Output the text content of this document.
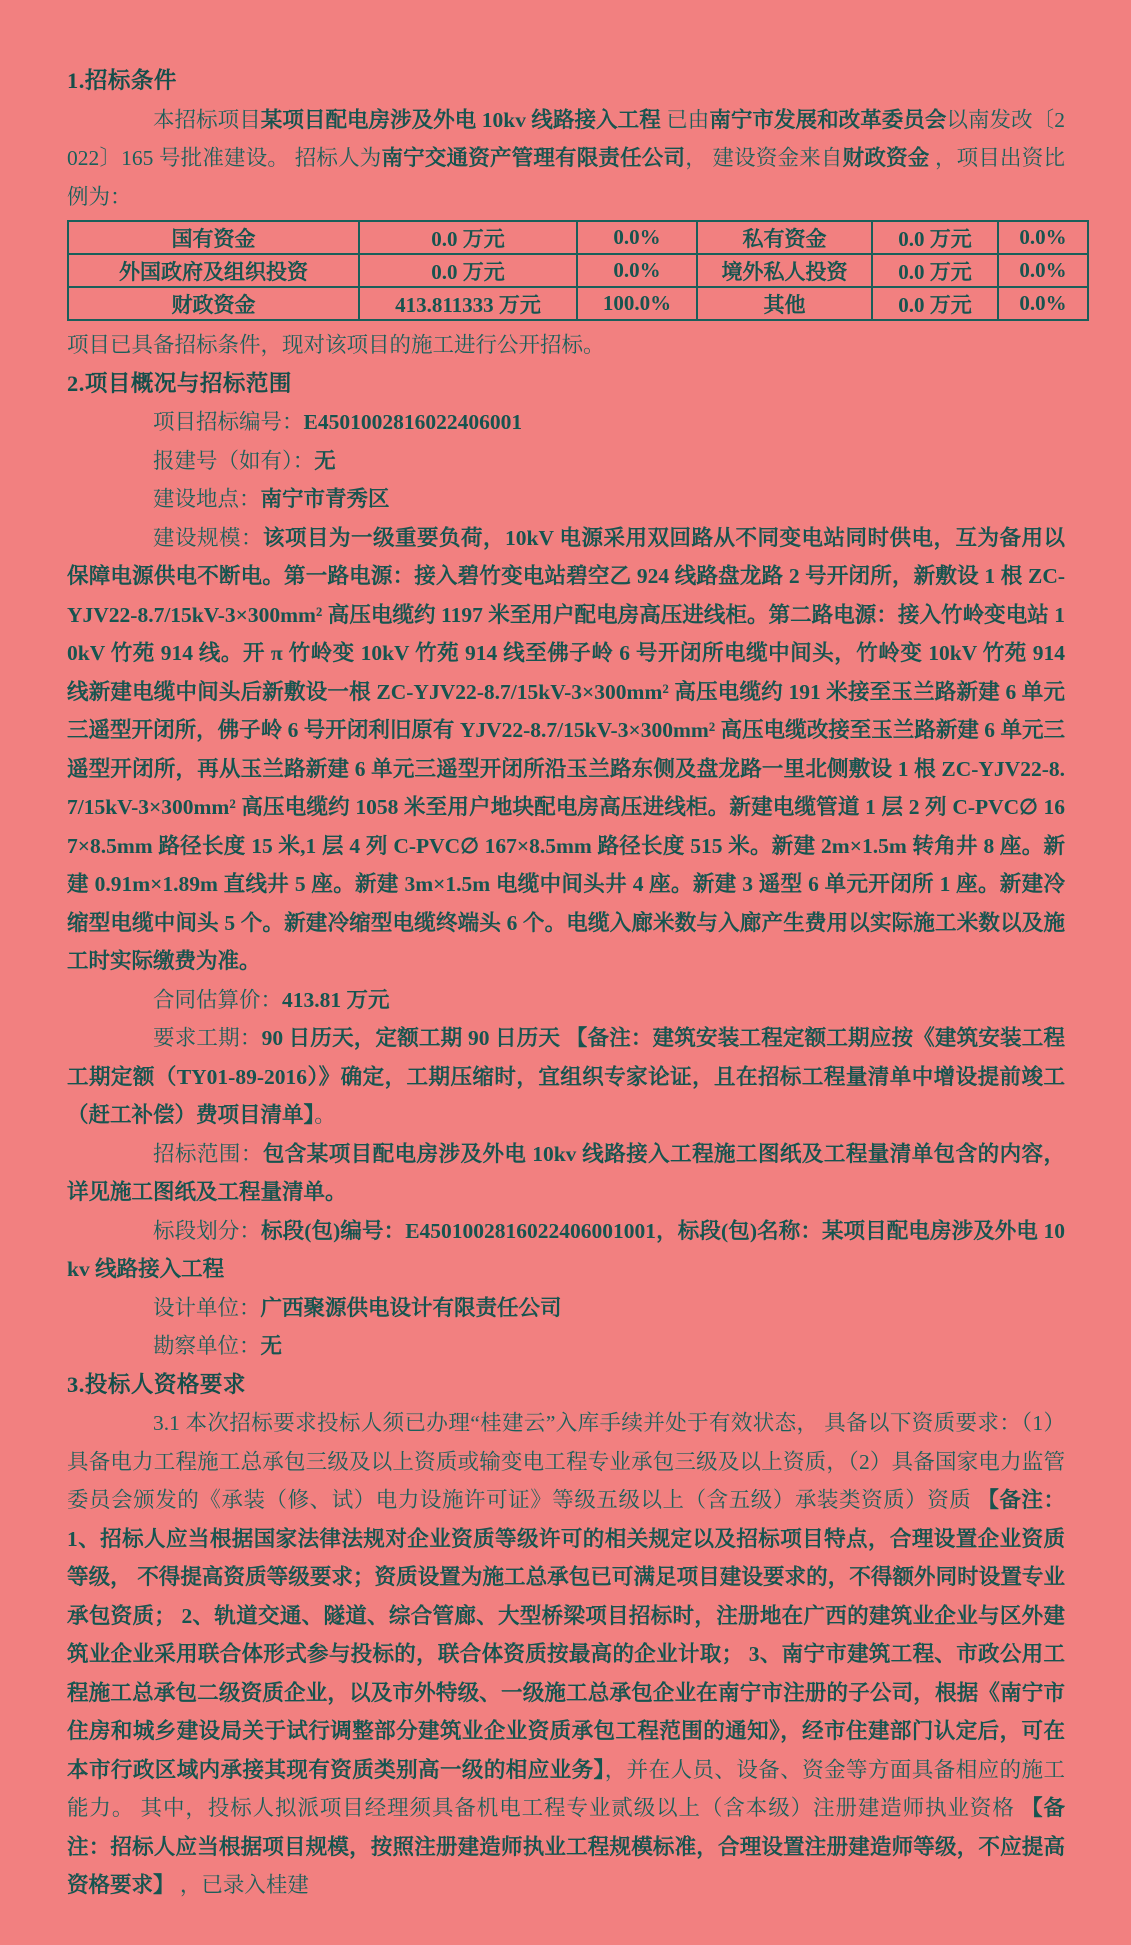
1.招标条件

本招标项目某项目配电房涉及外电 10kv 线路接入工程 已由南宁市发展和改革委员会以南发改〔2022〕165 号批准建设。 招标人为南宁交通资产管理有限责任公司， 建设资金来自财政资金 ，项目出资比例为：

国有资金	0.0 万元	0.0%	私有资金	0.0 万元	0.0%
外国政府及组织投资	0.0 万元	0.0%	境外私人投资	0.0 万元	0.0%
财政资金	413.811333 万元	100.0%	其他	0.0 万元	0.0%

项目已具备招标条件，现对该项目的施工进行公开招标。

2.项目概况与招标范围

项目招标编号：E4501002816022406001

报建号（如有）：无

建设地点：南宁市青秀区

建设规模：该项目为一级重要负荷，10kV 电源采用双回路从不同变电站同时供电，互为备用以保障电源供电不断电。第一路电源：接入碧竹变电站碧空乙 924 线路盘龙路 2 号开闭所，新敷设 1 根 ZC-YJV22-8.7/15kV-3×300mm² 高压电缆约 1197 米至用户配电房高压进线柜。第二路电源：接入竹岭变电站 10kV 竹苑 914 线。开 π 竹岭变 10kV 竹苑 914 线至佛子岭 6 号开闭所电缆中间头，竹岭变 10kV 竹苑 914 线新建电缆中间头后新敷设一根 ZC-YJV22-8.7/15kV-3×300mm² 高压电缆约 191 米接至玉兰路新建 6 单元三遥型开闭所，佛子岭 6 号开闭利旧原有 YJV22-8.7/15kV-3×300mm² 高压电缆改接至玉兰路新建 6 单元三遥型开闭所，再从玉兰路新建 6 单元三遥型开闭所沿玉兰路东侧及盘龙路一里北侧敷设 1 根 ZC-YJV22-8.7/15kV-3×300mm² 高压电缆约 1058 米至用户地块配电房高压进线柜。新建电缆管道 1 层 2 列 C-PVC∅ 167×8.5mm 路径长度 15 米,1 层 4 列 C-PVC∅ 167×8.5mm 路径长度 515 米。新建 2m×1.5m 转角井 8 座。新建 0.91m×1.89m 直线井 5 座。新建 3m×1.5m 电缆中间头井 4 座。新建 3 遥型 6 单元开闭所 1 座。新建冷缩型电缆中间头 5 个。新建冷缩型电缆终端头 6 个。电缆入廊米数与入廊产生费用以实际施工米数以及施工时实际缴费为准。

合同估算价：413.81 万元

要求工期：90 日历天，定额工期 90 日历天 【备注：建筑安装工程定额工期应按《建筑安装工程工期定额（TY01-89-2016）》确定，工期压缩时，宜组织专家论证，且在招标工程量清单中增设提前竣工（赶工补偿）费项目清单】。

招标范围：包含某项目配电房涉及外电 10kv 线路接入工程施工图纸及工程量清单包含的内容，详见施工图纸及工程量清单。

标段划分：标段(包)编号：E4501002816022406001001，标段(包)名称：某项目配电房涉及外电 10kv 线路接入工程

设计单位：广西聚源供电设计有限责任公司

勘察单位：无

3.投标人资格要求

3.1 本次招标要求投标人须已办理“桂建云”入库手续并处于有效状态， 具备以下资质要求：（1）具备电力工程施工总承包三级及以上资质或输变电工程专业承包三级及以上资质，（2）具备国家电力监管委员会颁发的《承装（修、试）电力设施许可证》等级五级以上（含五级）承装类资质）资质 【备注：1、招标人应当根据国家法律法规对企业资质等级许可的相关规定以及招标项目特点，合理设置企业资质等级， 不得提高资质等级要求；资质设置为施工总承包已可满足项目建设要求的，不得额外同时设置专业承包资质； 2、轨道交通、隧道、综合管廊、大型桥梁项目招标时，注册地在广西的建筑业企业与区外建筑业企业采用联合体形式参与投标的，联合体资质按最高的企业计取； 3、南宁市建筑工程、市政公用工程施工总承包二级资质企业，以及市外特级、一级施工总承包企业在南宁市注册的子公司，根据《南宁市住房和城乡建设局关于试行调整部分建筑业企业资质承包工程范围的通知》，经市住建部门认定后，可在本市行政区域内承接其现有资质类别高一级的相应业务】，并在人员、设备、资金等方面具备相应的施工能力。 其中，投标人拟派项目经理须具备机电工程专业贰级以上（含本级）注册建造师执业资格 【备注：招标人应当根据项目规模，按照注册建造师执业工程规模标准，合理设置注册建造师等级，不应提高资格要求】 ，已录入桂建
